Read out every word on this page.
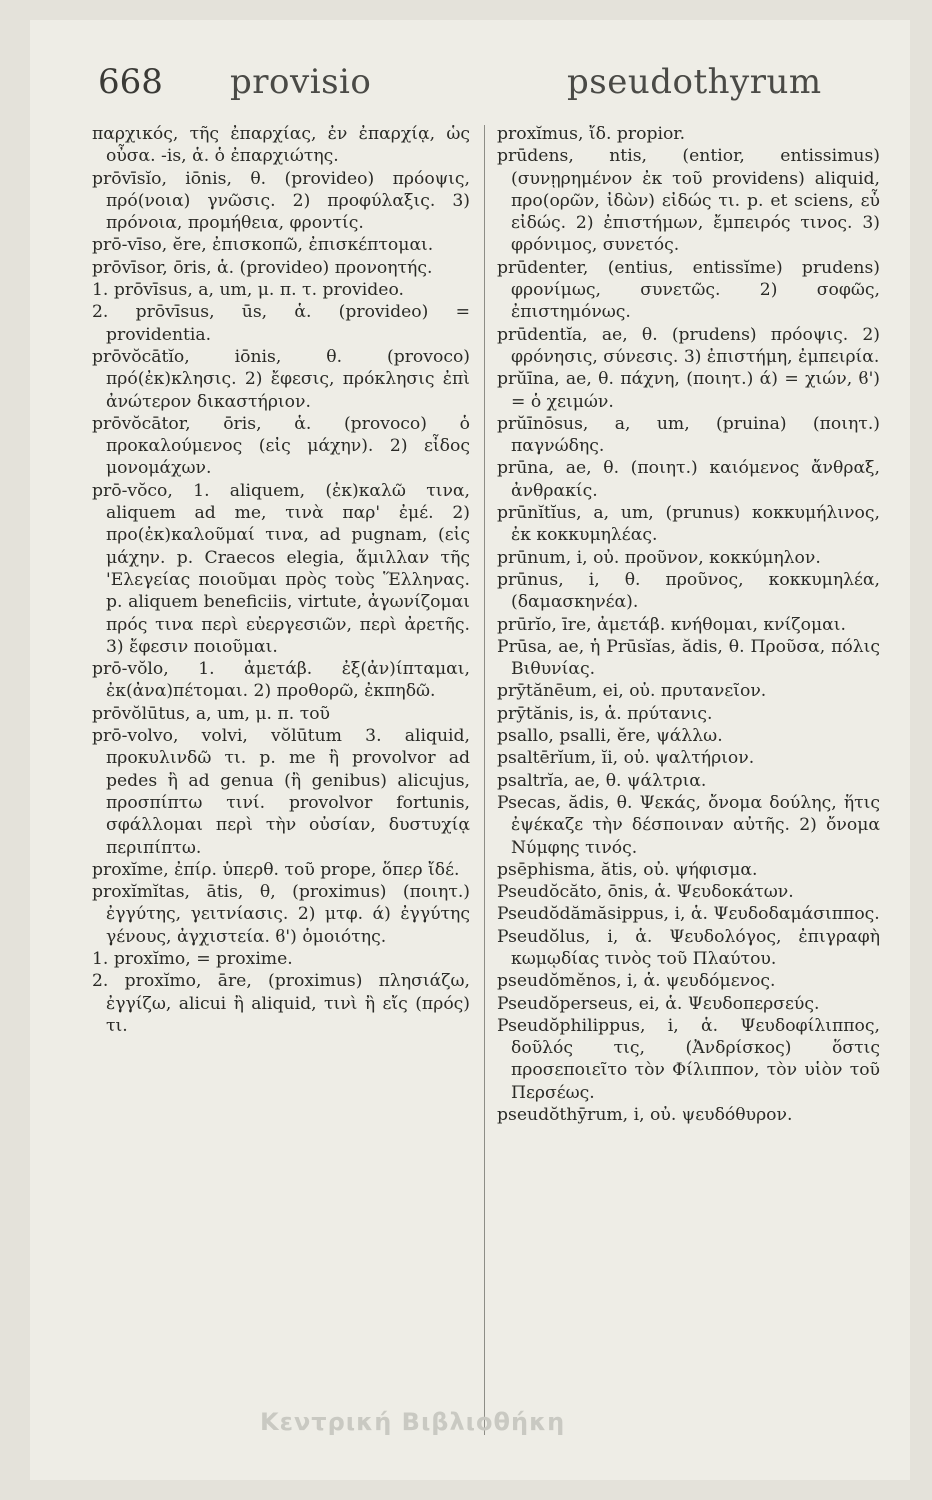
668 provisio	pseudothyrum

παρχικός, τῆς ἐπαρχίας, ἐν ἐπαρχίᾳ, ὡς οὖσα. -is, ἁ. ὁ ἐπαρχιώτης.

prōvīsĭo, iōnis, θ. (provideo) πρόοψις, πρό(νοια) γνῶσις. 2) προφύλαξις. 3) πρόνοια, προμήθεια, φροντίς.

prō-vīso, ĕre, ἐπισκοπῶ, ἐπισκέπτομαι.

prōvīsor, ōris, ἁ. (provideo) προνοητής.

1. prōvīsus, a, um, μ. π. τ. provideo.

2. prōvīsus, ūs, ἁ. (provideo) = providentia.

prōvŏcātĭo, iōnis, θ. (provoco) πρό(ἐκ)κλησις. 2) ἔφεσις, πρόκλησις ἐπὶ ἀνώτερον δικαστήριον.

prōvŏcātor, ōris, ἁ. (provoco) ὁ προκαλούμενος (εἰς μάχην). 2) εἶδος μονομάχων.

prō-vŏco, 1. aliquem, (ἐκ)καλῶ τινα, aliquem ad me, τινὰ παρ' ἐμέ. 2) προ(ἐκ)καλοῦμαί τινα, ad pugnam, (εἰς μάχην. p. Craecos elegia, ἅμιλλαν τῆς 'Ελεγείας ποιοῦμαι πρὸς τοὺς Ἕλληνας. p. aliquem beneficiis, virtute, ἀγωνίζομαι πρός τινα περὶ εὐεργεσιῶν, περὶ ἀρετῆς. 3) ἔφεσιν ποιοῦμαι.

prō-vŏlo, 1. ἀμετάβ. ἐξ(ἀν)ίπταμαι, ἐκ(ἀνα)πέτομαι. 2) προθορῶ, ἐκπηδῶ.

prōvŏlūtus, a, um, μ. π. τοῦ

prō-volvo, volvi, vŏlūtum 3. aliquid, προκυλινδῶ τι. p. me ἢ provolvor ad pedes ἢ ad genua (ἢ genibus) alicujus, προσπίπτω τινί. provolvor fortunis, σφάλλομαι περὶ τὴν οὐσίαν, δυστυχίᾳ περιπίπτω.

proxĭme, ἐπίρ. ὑπερθ. τοῦ prope, ὅπερ ἴδέ.

proxĭmĭtas, ātis, θ, (proximus) (ποιητ.) ἐγγύτης, γειτνίασις. 2) μτφ. ά) ἐγγύτης γένους, ἀγχιστεία. ϐ') ὁμοιότης.

1. proxĭmo, = proxime.

2. proxĭmo, āre, (proximus) πλησιάζω, ἐγγίζω, alicui ἢ aliquid, τινὶ ἢ εἴς (πρός) τι.

proxĭmus, ἴδ. propior.

prūdens, ntis, (entior, entissimus) (συνῃρημένον ἐκ τοῦ providens) aliquid, προ(ορῶν, ἰδὼν) εἰδώς τι. p. et sciens, εὖ εἰδώς. 2) ἐπιστήμων, ἔμπειρός τινος. 3) φρόνιμος, συνετός.

prūdenter, (entius, entissĭme) prudens) φρονίμως, συνετῶς. 2) σοφῶς, ἐπιστημόνως.

prūdentĭa, ae, θ. (prudens) πρόοψις. 2) φρόνησις, σύνεσις. 3) ἐπιστήμη, ἐμπειρία.

prŭīna, ae, θ. πάχνη, (ποιητ.) ά) = χιών, ϐ') = ὁ χειμών.

prŭīnōsus, a, um, (pruina) (ποιητ.) παγνώδης.

prūna, ae, θ. (ποιητ.) καιόμενος ἄνθραξ, ἀνθρακίς.

prūnĭtĭus, a, um, (prunus) κοκκυμήλινος, ἐκ κοκκυμηλέας.

prūnum, i, οὐ. προῦνον, κοκκύμηλον.

prūnus, i, θ. προῦνος, κοκκυμηλέα, (δαμασκηνέα).

prūrĭo, īre, ἀμετάβ. κνήθομαι, κνίζομαι.

Prūsa, ae, ἡ Prūsĭas, ădis, θ. Προῦσα, πόλις Βιθυνίας.

prȳtănēum, ei, οὐ. πρυτανεῖον.

prȳtănis, is, ἁ. πρύτανις.

psallo, psalli, ĕre, ψάλλω.

psaltērĭum, ĭi, οὐ. ψαλτήριον.

psaltrĭa, ae, θ. ψάλτρια.

Psecas, ădis, θ. Ψεκάς, ὄνομα δούλης, ἥτις ἐψέκαζε τὴν δέσποιναν αὐτῆς. 2) ὄνομα Νύμφης τινός.

psēphisma, ătis, οὐ. ψήφισμα.

Pseudŏcăto, ōnis, ἁ. Ψευδοκάτων.

Pseudŏdămăsippus, i, ἁ. Ψευδοδαμάσιππος.

Pseudŏlus, i, ἁ. Ψευδολόγος, ἐπιγραφὴ κωμῳδίας τινὸς τοῦ Πλαύτου.

pseudŏmĕnos, i, ἁ. ψευδόμενος.

Pseudŏperseus, ei, ἁ. Ψευδοπερσεύς.

Pseudŏphilippus, i, ἁ. Ψευδοφίλιππος, δοῦλός τις, (Ἀνδρίσκος) ὅστις προσεποιεῖτο τὸν Φίλιππον, τὸν υἱὸν τοῦ Περσέως.

pseudŏthȳrum, i, οὐ. ψευδόθυρον.

Κεντρική Βιβλιοθήκη
